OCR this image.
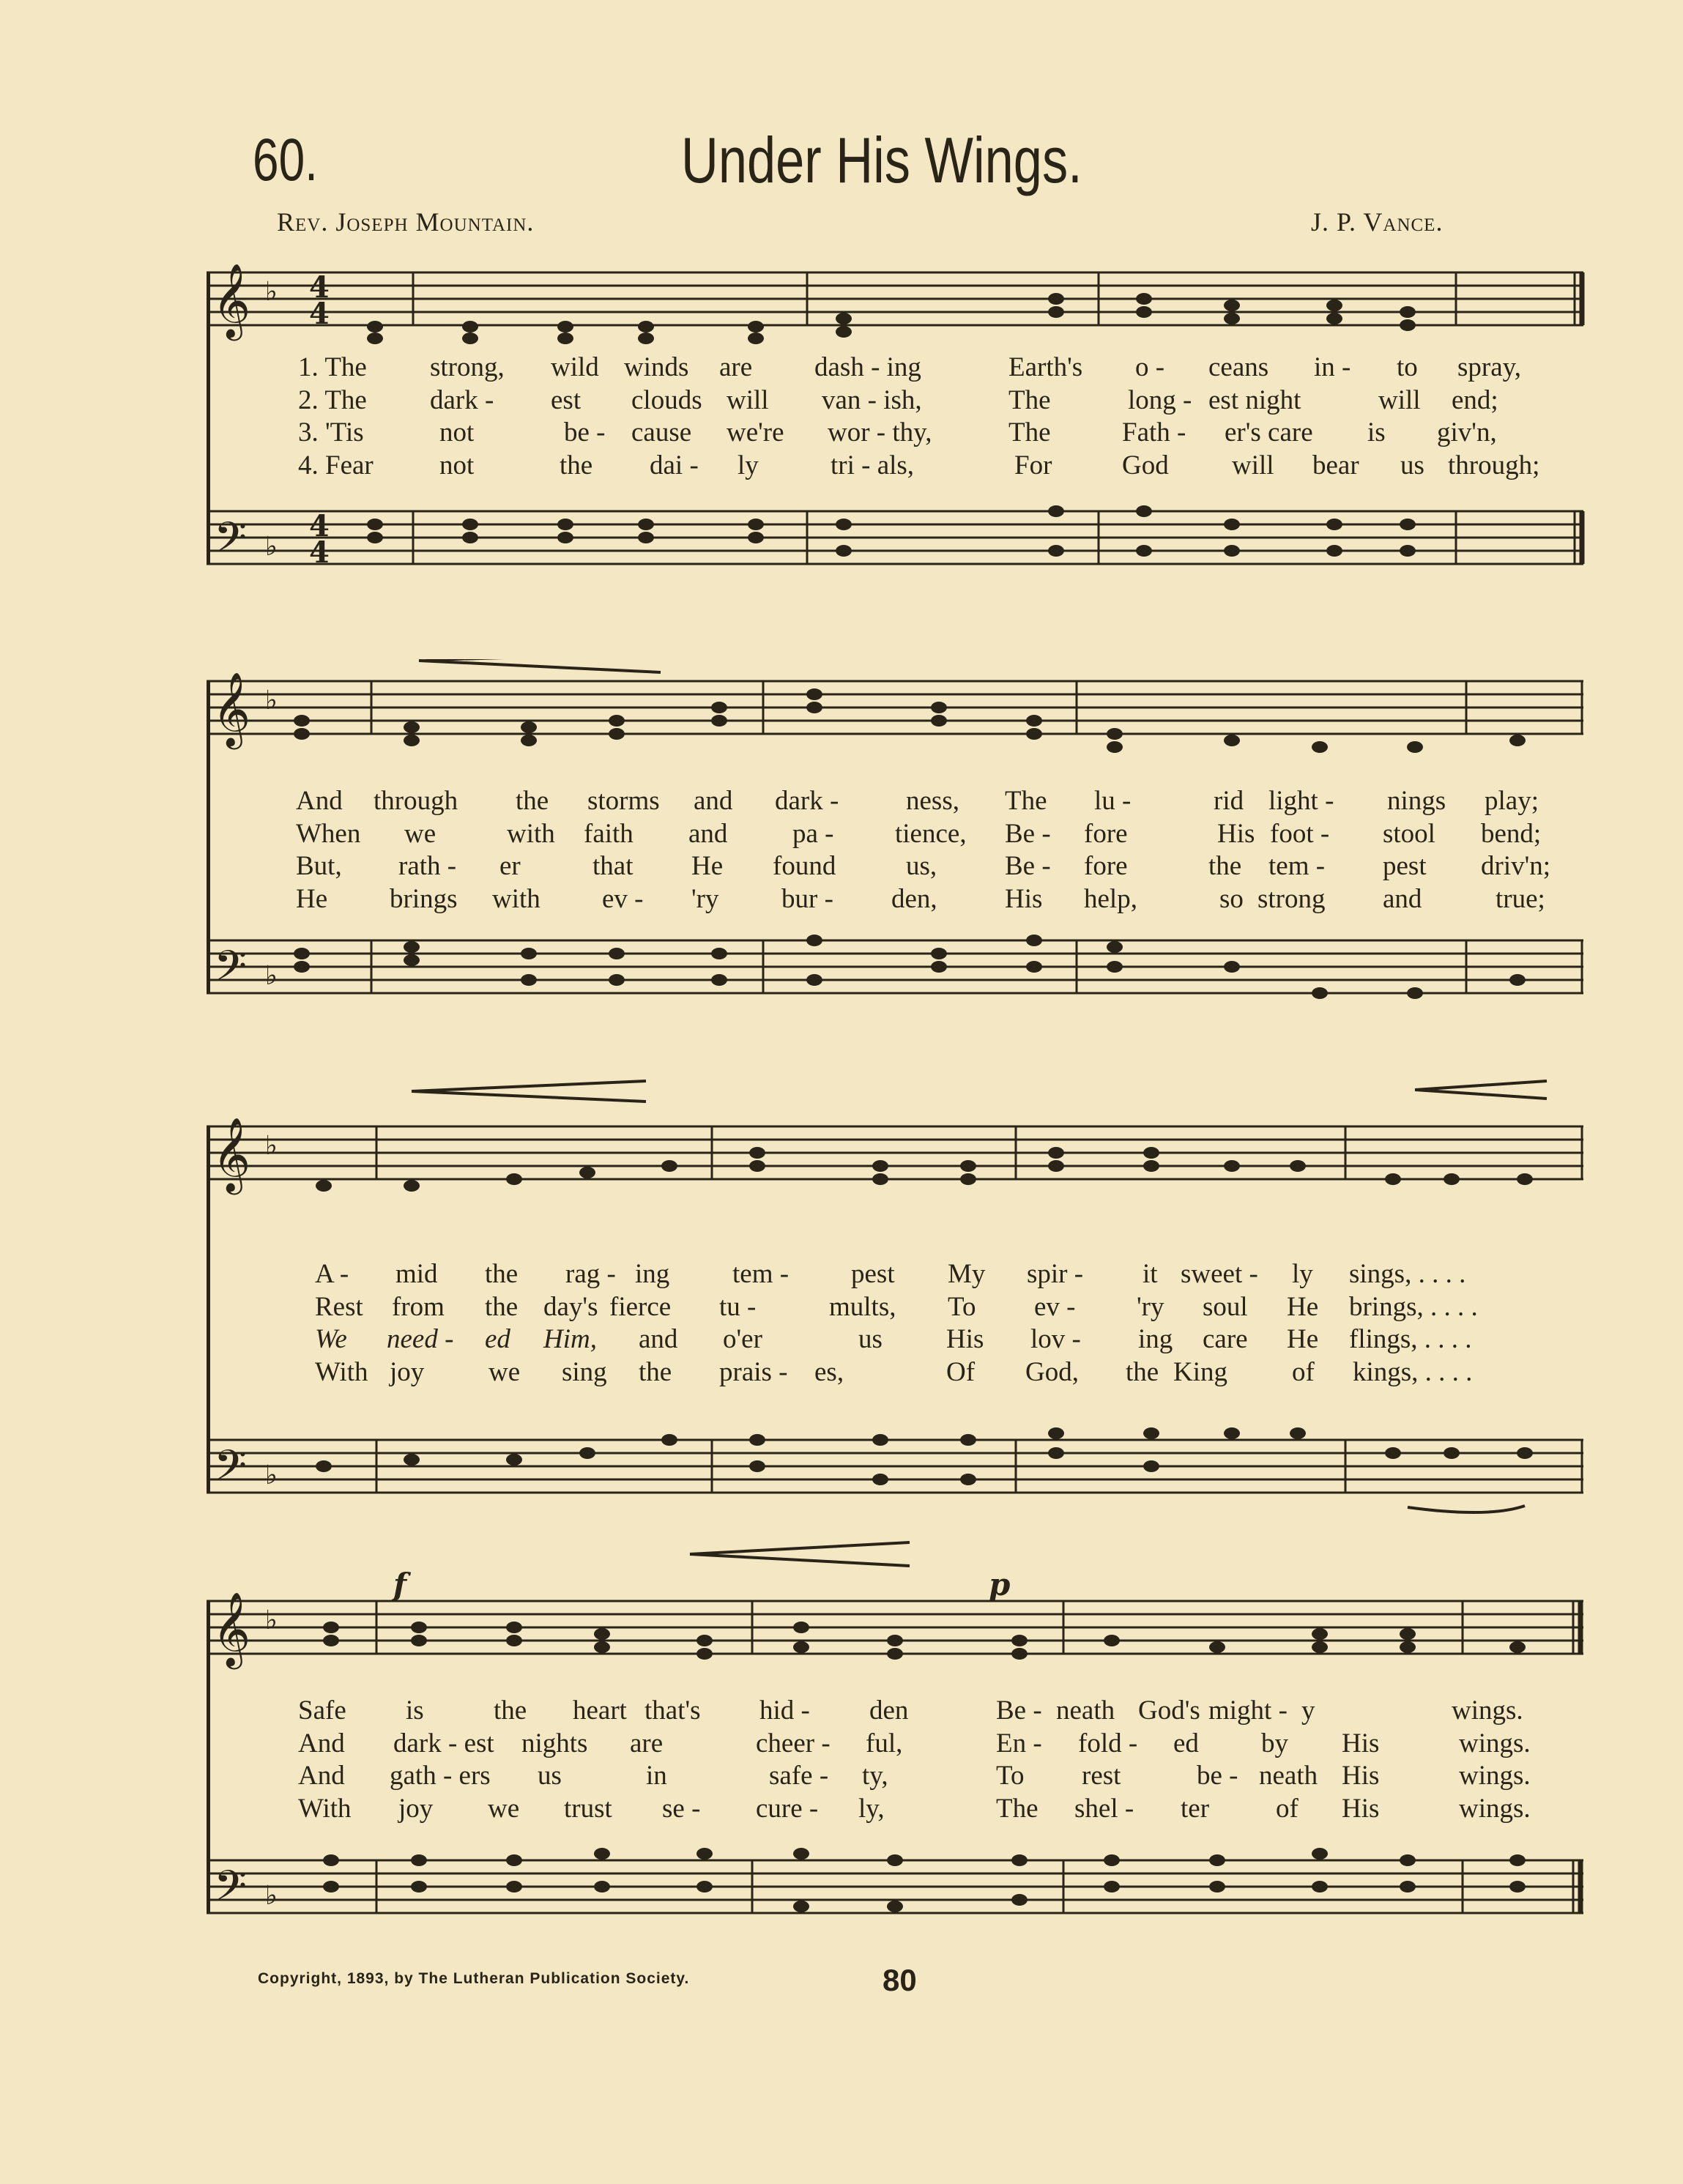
60.	Under His Wings.
Rev. Joseph Mountain.	J. P. Vance.
𝄞
𝄢
♭
♭
4
4
4
4
1. The strong, wild winds are dash - ing	Earth's o - ceans in - to spray,
2. The dark - est clouds will van - ish,	The	long - est night	will end;
3. 'Tis	not	be - cause we're wor - thy,	The	Fath - er's care is giv'n,
4. Fear not	the dai - ly	tri - als,	For	God will bear us through;
𝄞
𝄢
♭
♭
And through the storms and dark - ness, The lu -	rid light - nings play;
When we	with faith and pa - tience, Be - fore	His foot - stool bend;
But, rath - er	that He found	us,	Be - fore	the tem - pest driv'n;
He brings with ev - 'ry bur - den, His help,	so strong and	true;
𝄞
𝄢
♭
♭
A - mid the rag - ing tem - pest My spir - it sweet - ly sings, . . . .
Rest from the day's fierce tu -	mults, To ev - 'ry soul He brings, . . . .
We need - ed Him, and o'er	us His lov - ing care He flings, . . . .
With joy we sing the prais - es,	Of God, the King of kings, . . . .
𝄞
𝄢
♭
♭
f	p
Safe is	the heart that's hid - den	Be - neath God's might - y	wings.
And dark - est nights are	cheer - ful,	En - fold - ed by His	wings.
And gath - ers us	in	safe - ty,	To rest	be - neath His	wings.
With joy we trust se - cure - ly,	The shel - ter of His	wings.
Copyright, 1893, by The Lutheran Publication Society.	80
